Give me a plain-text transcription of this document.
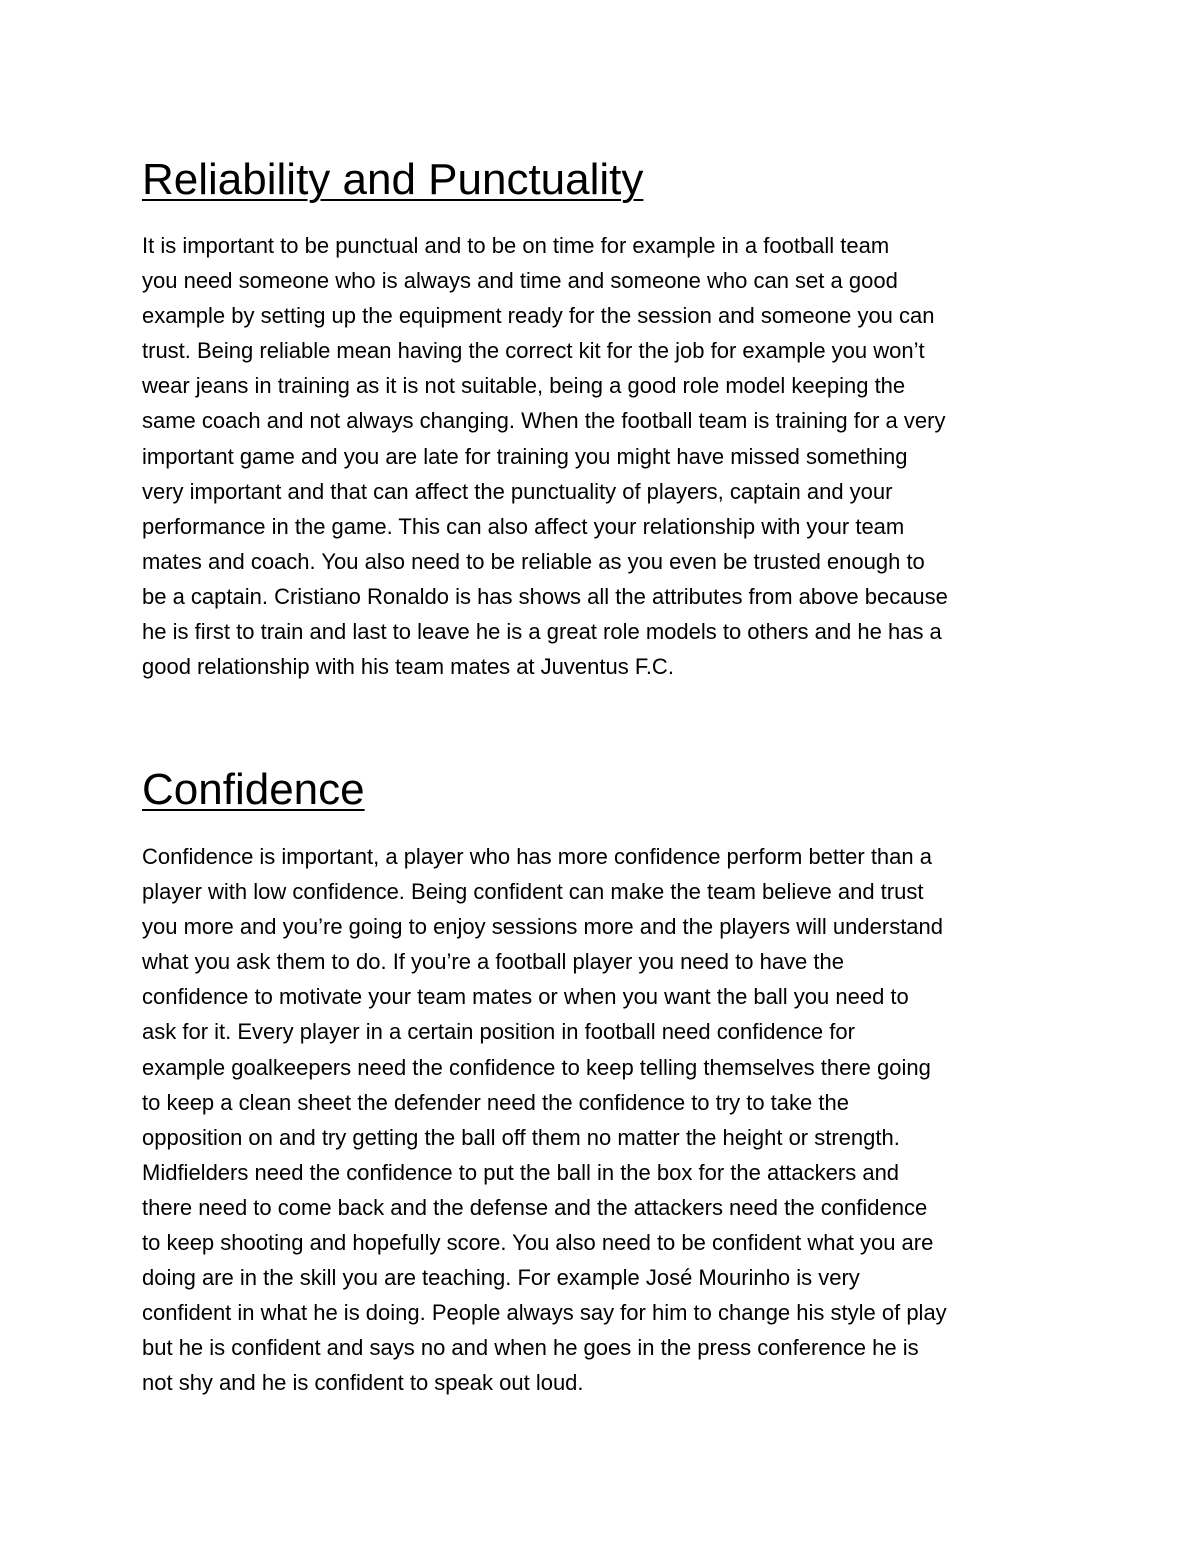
Reliability and Punctuality
It is important to be punctual and to be on time for example in a football team
you need someone who is always and time and someone who can set a good
example by setting up the equipment ready for the session and someone you can
trust. Being reliable mean having the correct kit for the job for example you won’t
wear jeans in training as it is not suitable, being a good role model keeping the
same coach and not always changing. When the football team is training for a very
important game and you are late for training you might have missed something
very important and that can affect the punctuality of players, captain and your
performance in the game. This can also affect your relationship with your team
mates and coach. You also need to be reliable as you even be trusted enough to
be a captain. Cristiano Ronaldo is has shows all the attributes from above because
he is first to train and last to leave he is a great role models to others and he has a
good relationship with his team mates at Juventus F.C.
Confidence
Confidence is important, a player who has more confidence perform better than a
player with low confidence. Being confident can make the team believe and trust
you more and you’re going to enjoy sessions more and the players will understand
what you ask them to do. If you’re a football player you need to have the
confidence to motivate your team mates or when you want the ball you need to
ask for it. Every player in a certain position in football need confidence for
example goalkeepers need the confidence to keep telling themselves there going
to keep a clean sheet the defender need the confidence to try to take the
opposition on and try getting the ball off them no matter the height or strength.
Midfielders need the confidence to put the ball in the box for the attackers and
there need to come back and the defense and the attackers need the confidence
to keep shooting and hopefully score. You also need to be confident what you are
doing are in the skill you are teaching. For example José Mourinho is very
confident in what he is doing. People always say for him to change his style of play
but he is confident and says no and when he goes in the press conference he is
not shy and he is confident to speak out loud.
